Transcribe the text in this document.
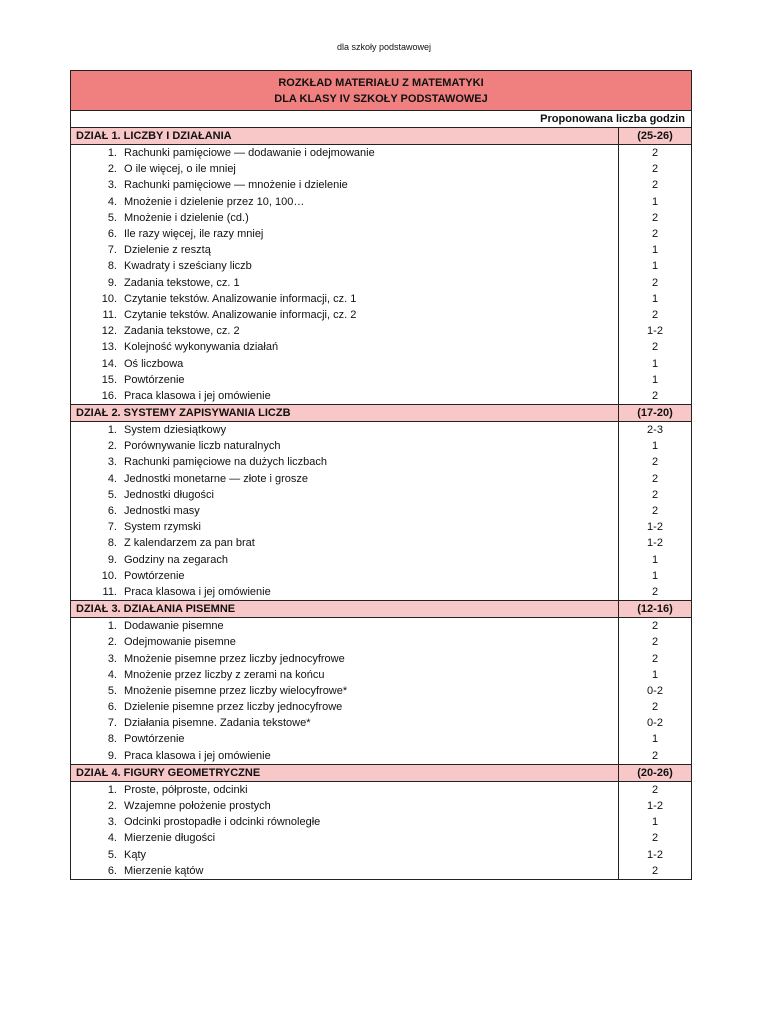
dla szkoły podstawowej
ROZKŁAD MATERIAŁU Z MATEMATYKI
DLA KLASY IV SZKOŁY PODSTAWOWEJ	

Proponowana liczba godzin	
DZIAŁ 1. LICZBY I DZIAŁANIA	(25-26)
1. Rachunki pamięciowe — dodawanie i odejmowanie	2
2. O ile więcej, o ile mniej	2
3. Rachunki pamięciowe — mnożenie i dzielenie	2
4. Mnożenie i dzielenie przez 10, 100…	1
5. Mnożenie i dzielenie (cd.)	2
6. Ile razy więcej, ile razy mniej	2
7. Dzielenie z resztą	1
8. Kwadraty i sześciany liczb	1
9. Zadania tekstowe, cz. 1	2
10. Czytanie tekstów. Analizowanie informacji, cz. 1	1
11. Czytanie tekstów. Analizowanie informacji, cz. 2	2
12. Zadania tekstowe, cz. 2	1-2
13. Kolejność wykonywania działań	2
14. Oś liczbowa	1
15. Powtórzenie	1
16. Praca klasowa i jej omówienie	2
DZIAŁ 2. SYSTEMY ZAPISYWANIA LICZB	(17-20)
1. System dziesiątkowy	2-3
2. Porównywanie liczb naturalnych	1
3. Rachunki pamięciowe na dużych liczbach	2
4. Jednostki monetarne — złote i grosze	2
5. Jednostki długości	2
6. Jednostki masy	2
7. System rzymski	1-2
8. Z kalendarzem za pan brat	1-2
9. Godziny na zegarach	1
10. Powtórzenie	1
11. Praca klasowa i jej omówienie	2
DZIAŁ 3. DZIAŁANIA PISEMNE	(12-16)
1. Dodawanie pisemne	2
2. Odejmowanie pisemne	2
3. Mnożenie pisemne przez liczby jednocyfrowe	2
4. Mnożenie przez liczby z zerami na końcu	1
5. Mnożenie pisemne przez liczby wielocyfrowe*	0-2
6. Dzielenie pisemne przez liczby jednocyfrowe	2
7. Działania pisemne. Zadania tekstowe*	0-2
8. Powtórzenie	1
9. Praca klasowa i jej omówienie	2
DZIAŁ 4. FIGURY GEOMETRYCZNE	(20-26)
1. Proste, półproste, odcinki	2
2. Wzajemne położenie prostych	1-2
3. Odcinki prostopadłe i odcinki równoległe	1
4. Mierzenie długości	2
5. Kąty	1-2
6. Mierzenie kątów	2
